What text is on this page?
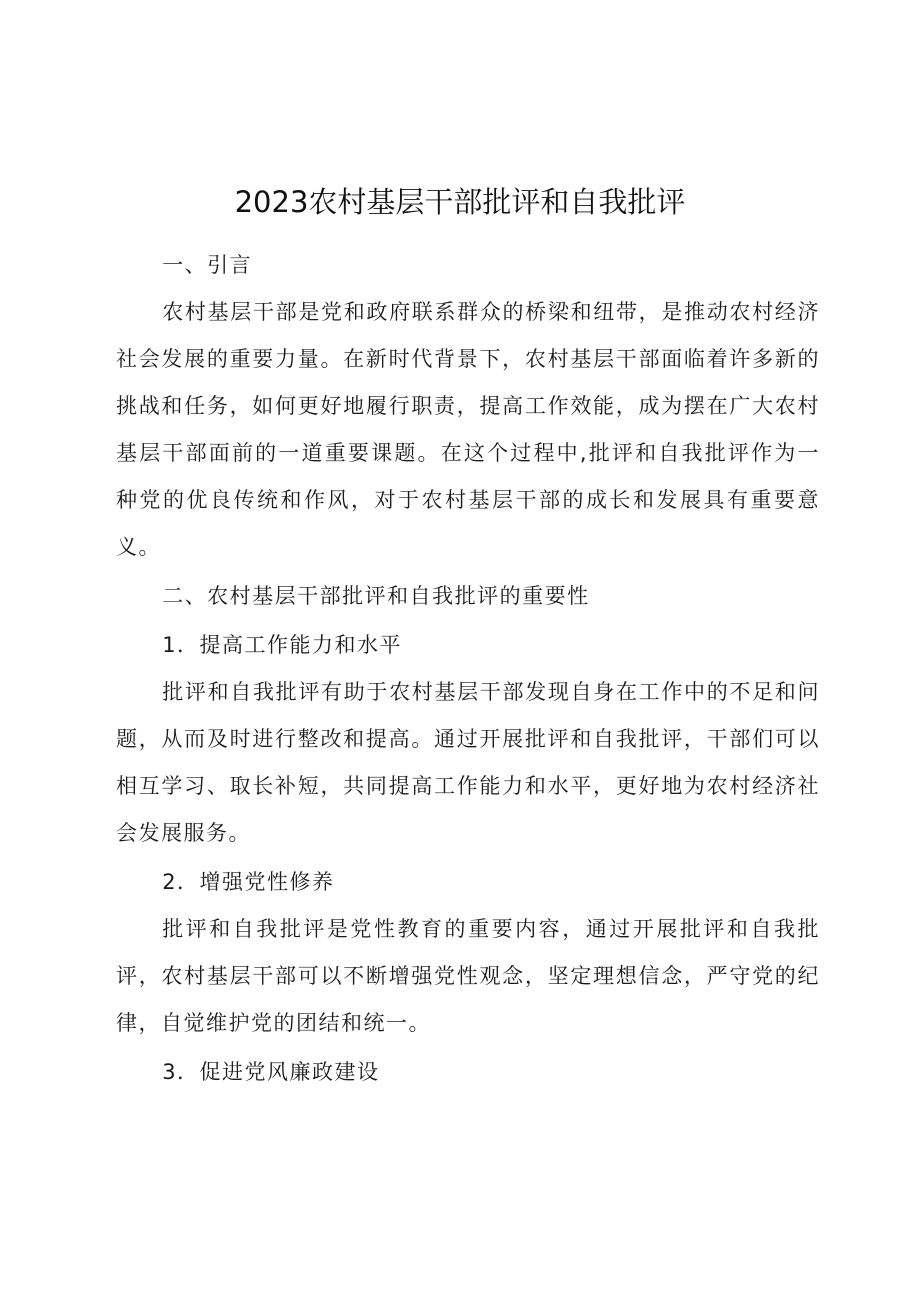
2023农村基层干部批评和自我批评

一、引言

农村基层干部是党和政府联系群众的桥梁和纽带，是推动农村经济社会发展的重要力量。在新时代背景下，农村基层干部面临着许多新的挑战和任务，如何更好地履行职责，提高工作效能，成为摆在广大农村基层干部面前的一道重要课题。在这个过程中,批评和自我批评作为一种党的优良传统和作风，对于农村基层干部的成长和发展具有重要意义。

二、农村基层干部批评和自我批评的重要性

1．提高工作能力和水平

批评和自我批评有助于农村基层干部发现自身在工作中的不足和问题，从而及时进行整改和提高。通过开展批评和自我批评，干部们可以相互学习、取长补短，共同提高工作能力和水平，更好地为农村经济社会发展服务。

2．增强党性修养

批评和自我批评是党性教育的重要内容，通过开展批评和自我批评，农村基层干部可以不断增强党性观念，坚定理想信念，严守党的纪律，自觉维护党的团结和统一。

3．促进党风廉政建设
